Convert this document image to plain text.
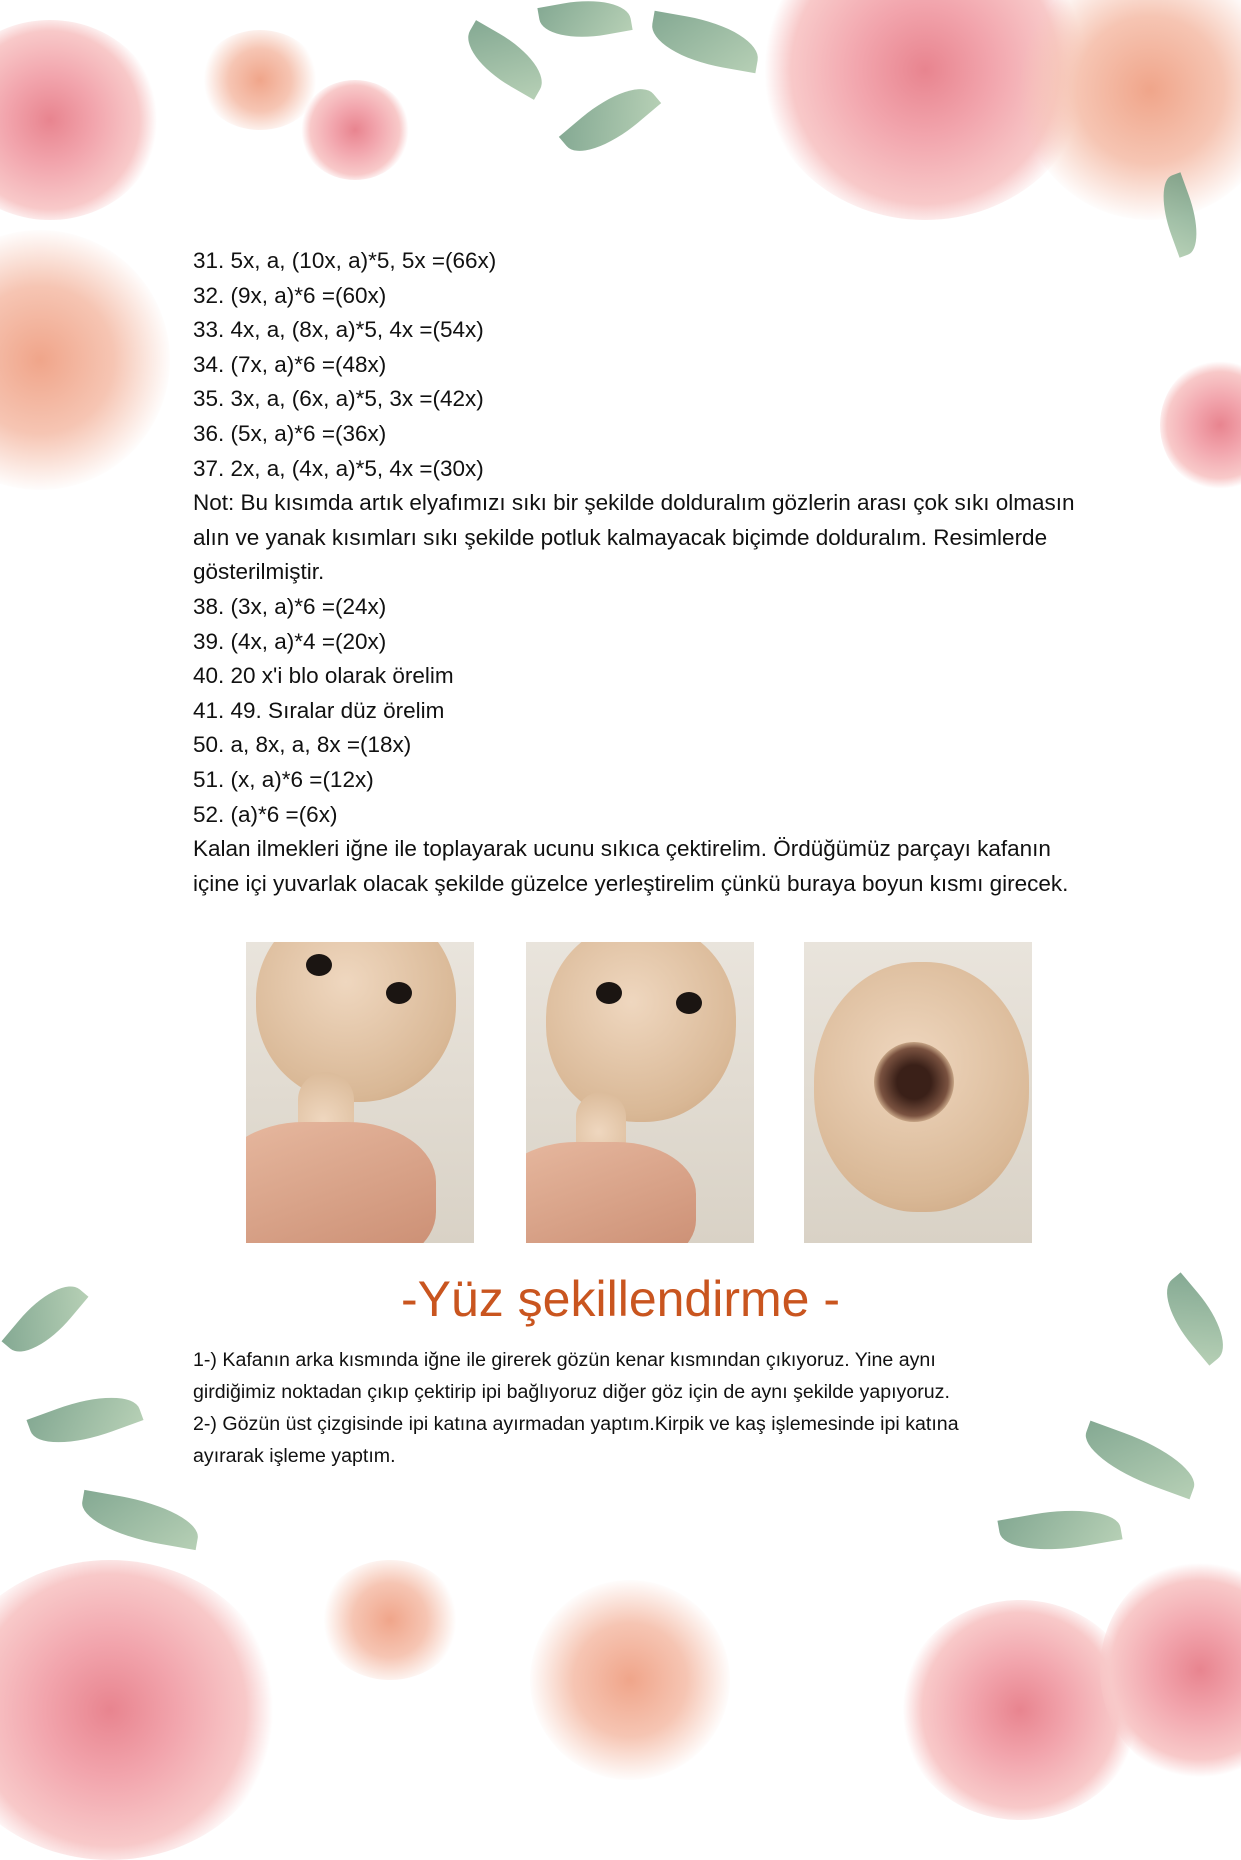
31. 5x, a, (10x, a)*5, 5x =(66x)
32. (9x, a)*6 =(60x)
33. 4x, a, (8x, a)*5, 4x =(54x)
34. (7x, a)*6 =(48x)
35. 3x, a, (6x, a)*5, 3x =(42x)
36. (5x, a)*6 =(36x)
37. 2x, a, (4x, a)*5, 4x =(30x)
Not: Bu kısımda artık elyafımızı sıkı bir şekilde dolduralım gözlerin arası çok sıkı olmasın
alın ve yanak kısımları sıkı şekilde potluk kalmayacak biçimde dolduralım. Resimlerde
gösterilmiştir.
38. (3x, a)*6 =(24x)
39. (4x, a)*4 =(20x)
40. 20 x'i blo olarak örelim
41. 49. Sıralar düz örelim
50. a, 8x, a, 8x =(18x)
51. (x, a)*6 =(12x)
52. (a)*6 =(6x)
Kalan ilmekleri iğne ile toplayarak ucunu sıkıca çektirelim. Ördüğümüz parçayı kafanın
içine içi yuvarlak olacak şekilde güzelce yerleştirelim çünkü buraya boyun kısmı girecek.
-Yüz şekillendirme -
1-) Kafanın arka kısmında iğne ile girerek gözün kenar kısmından çıkıyoruz. Yine aynı
girdiğimiz noktadan çıkıp çektirip ipi bağlıyoruz diğer göz için de aynı şekilde yapıyoruz.
2-) Gözün üst çizgisinde ipi katına ayırmadan yaptım.Kirpik ve kaş işlemesinde ipi katına
ayırarak işleme yaptım.
